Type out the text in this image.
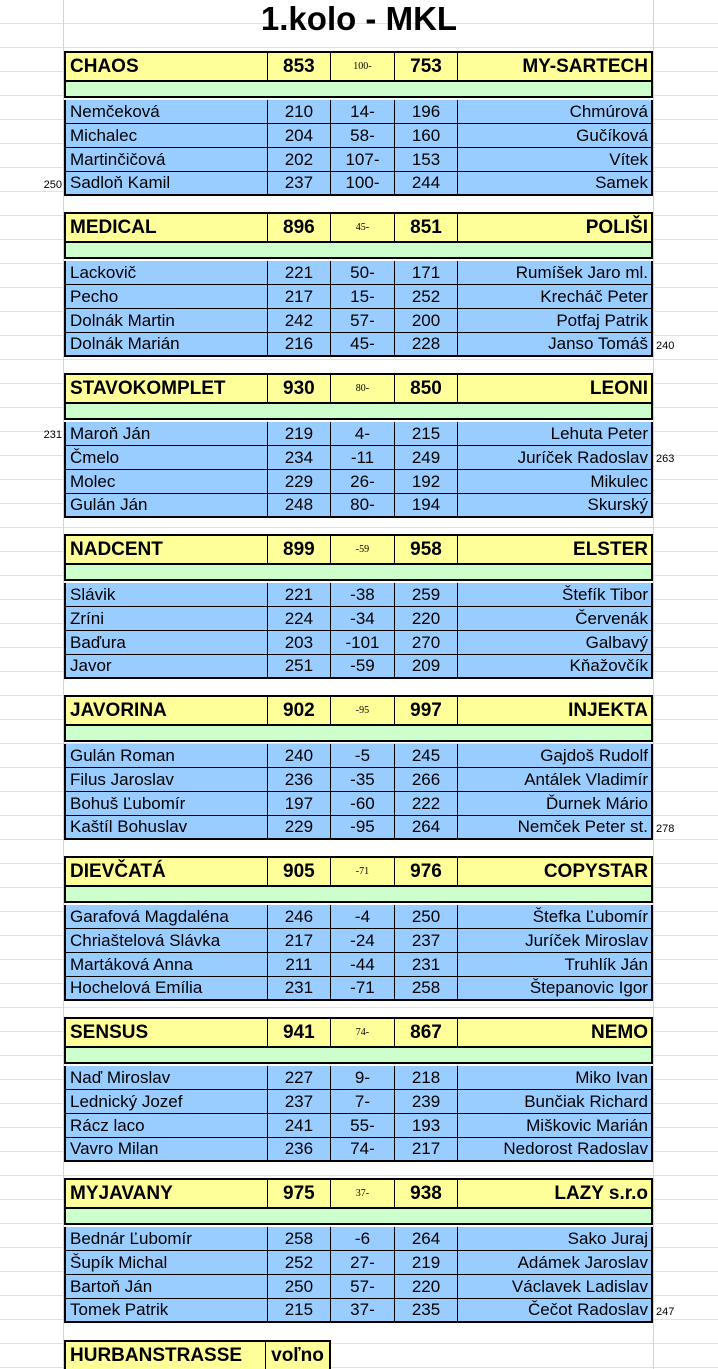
1.kolo - MKL
CHAOS	853	100-	753	MY-SARTECH
Nemčeková	210	14-	196	Chmúrová
Michalec	204	58-	160	Gučíková
Martinčičová	202	107-	153	Vítek
Sadloň Kamil	237	100-	244	Samek
MEDICAL	896	45-	851	POLIŠI
Lackovič	221	50-	171	Rumíšek Jaro ml.
Pecho	217	15-	252	Krecháč Peter
Dolnák Martin	242	57-	200	Potfaj Patrik
Dolnák Marián	216	45-	228	Janso Tomáš
STAVOKOMPLET	930	80-	850	LEONI
Maroň Ján	219	4-	215	Lehuta Peter
Čmelo	234	-11	249	Juríček Radoslav
Molec	229	26-	192	Mikulec
Gulán Ján	248	80-	194	Skurský
NADCENT	899	-59	958	ELSTER
Slávik	221	-38	259	Štefík Tibor
Zríni	224	-34	220	Červenák
Baďura	203	-101	270	Galbavý
Javor	251	-59	209	Kňažovčík
JAVORINA	902	-95	997	INJEKTA
Gulán Roman	240	-5	245	Gajdoš Rudolf
Filus Jaroslav	236	-35	266	Antálek Vladimír
Bohuš Ľubomír	197	-60	222	Ďurnek Mário
Kaštíl Bohuslav	229	-95	264	Nemček Peter st.
DIEVČATÁ	905	-71	976	COPYSTAR
Garafová Magdaléna	246	-4	250	Štefka Ľubomír
Chriaštelová Slávka	217	-24	237	Juríček Miroslav
Martáková Anna	211	-44	231	Truhlík Ján
Hochelová Emília	231	-71	258	Štepanovic Igor
SENSUS	941	74-	867	NEMO
Naď Miroslav	227	9-	218	Miko Ivan
Lednický Jozef	237	7-	239	Bunčiak Richard
Rácz laco	241	55-	193	Miškovic Marián
Vavro Milan	236	74-	217	Nedorost Radoslav
MYJAVANY	975	37-	938	LAZY s.r.o
Bednár Ľubomír	258	-6	264	Sako Juraj
Šupík Michal	252	27-	219	Adámek Jaroslav
Bartoň Ján	250	57-	220	Václavek Ladislav
Tomek Patrik	215	37-	235	Čečot Radoslav
250
240
231
263
278
247
HURBANSTRASSE	voľno
